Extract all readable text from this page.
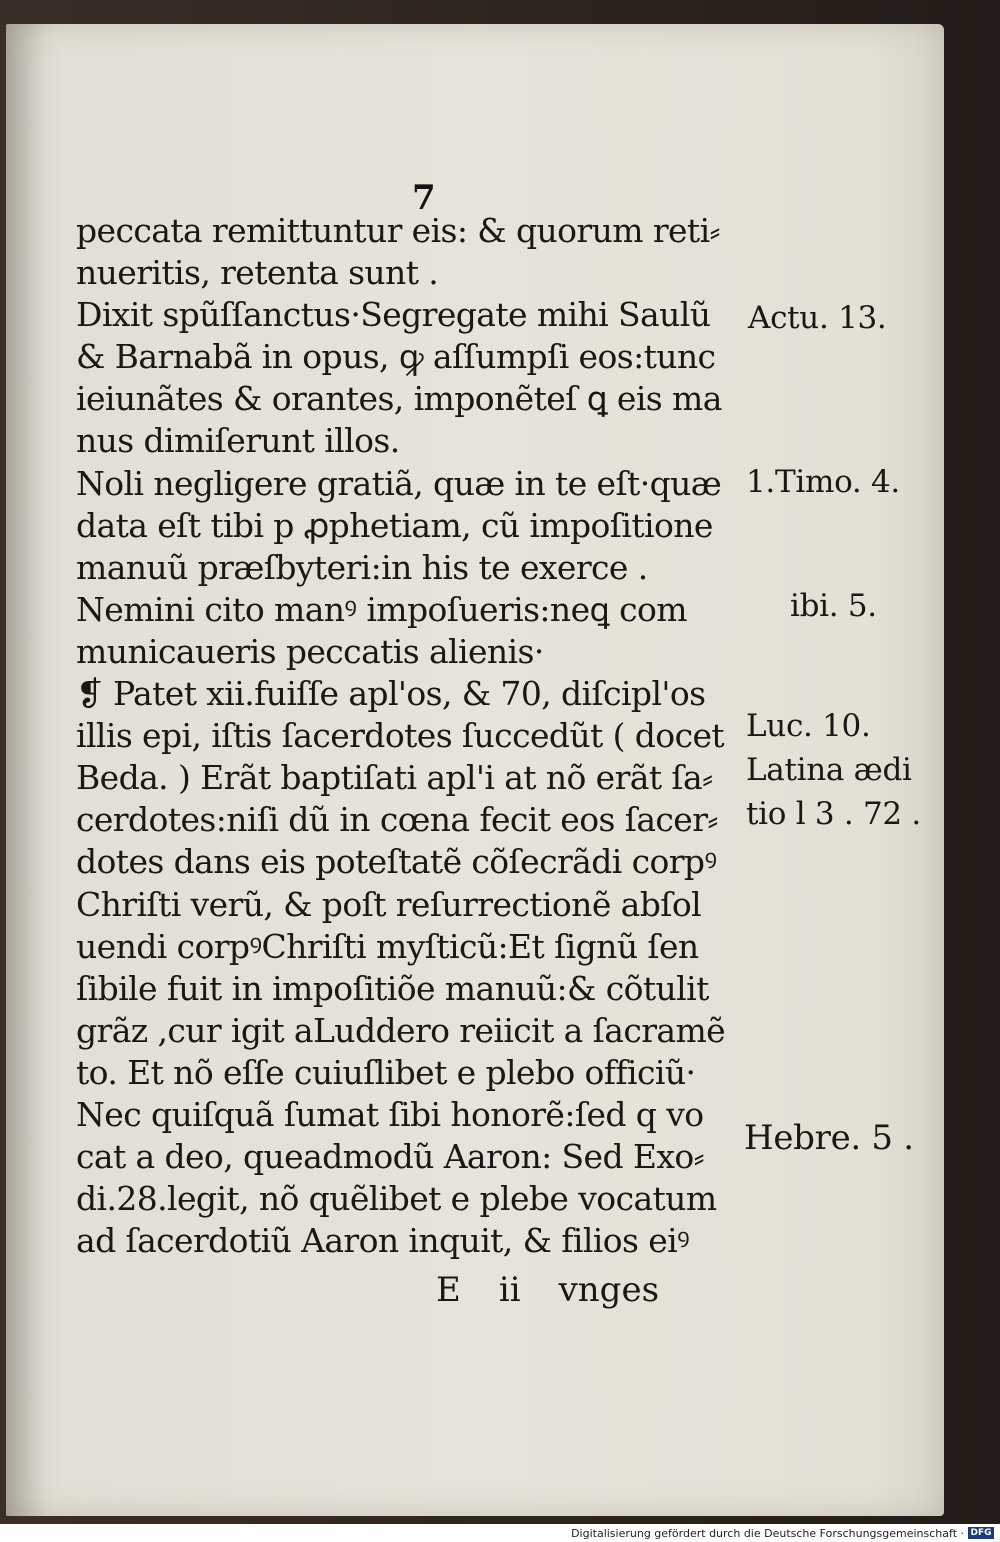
7
peccata remittuntur eis: & quorum reti⸗
nueritis, retenta sunt .
Dixit spũſſanctus·Segregate mihi Saulũ
& Barnabã in opus, ꝙ aſſumpſi eos:tunc
ieiunãtes & orantes, imponẽteſ ꝗ eis ma
nus dimiſerunt illos.
Noli negligere gratiã, quæ in te eſt·quæ
data eſt tibi p ꝓphetiam, cũ impoſitione
manuũ præſbyteri:in his te exerce .
Nemini cito manꝰ impoſueris:neꝗ com
municaueris peccatis alienis·
❡ Patet xii.fuiſſe apl'os, & 70, diſcipl'os
illis epi, iſtis ſacerdotes ſuccedũt ( docet
Beda. ) Erãt baptiſati apl'i at nõ erãt ſa⸗
cerdotes:niſi dũ in cœna fecit eos ſacer⸗
dotes dans eis poteſtatẽ cõſecrãdi corpꝰ
Chriſti verũ, & poſt reſurrectionẽ abſol
uendi corpꝰChriſti myſticũ:Et ſignũ ſen
ſibile fuit in impoſitiõe manuũ:& cõtulit
grãz ,cur igit aLuddero reiicit a ſacramẽ
to. Et nõ eſſe cuiuſlibet e plebo officiũ·
Nec quiſquã ſumat ſibi honorẽ:ſed q vo
cat a deo, queadmodũ Aaron: Sed Exo⸗
di.28.legit, nõ quẽlibet e plebe vocatum
ad ſacerdotiũ Aaron inquit, & filios eiꝰ
Actu. 13.
1.Timo. 4.
ibi. 5.
Luc. 10.
Latina ædi
tio l 3 . 72 .
Hebre. 5 .
E ii vnges
Digitalisierung gefördert durch die Deutsche Forschungsgemeinschaft · DFG
